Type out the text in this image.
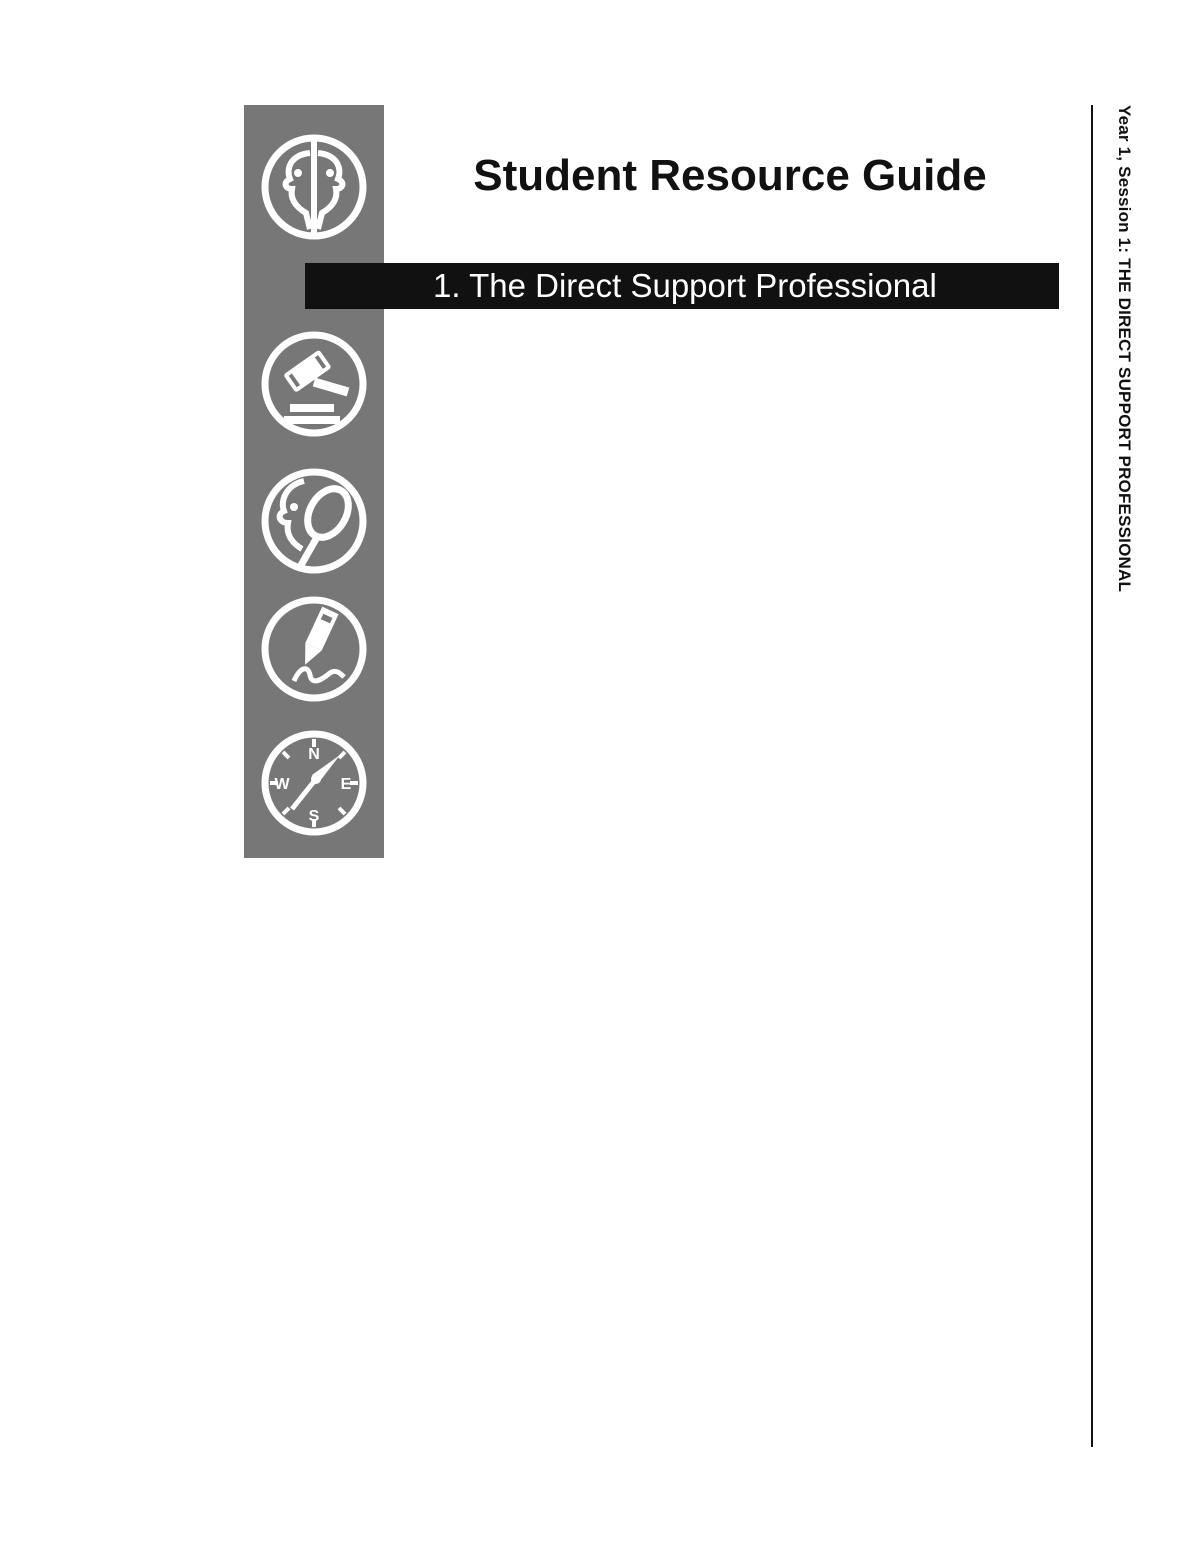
N
E
S
W
Student Resource Guide
1. The Direct Support Professional	Year 1, Session 1: THE DIRECT SUPPORT PROFESSIONAL
